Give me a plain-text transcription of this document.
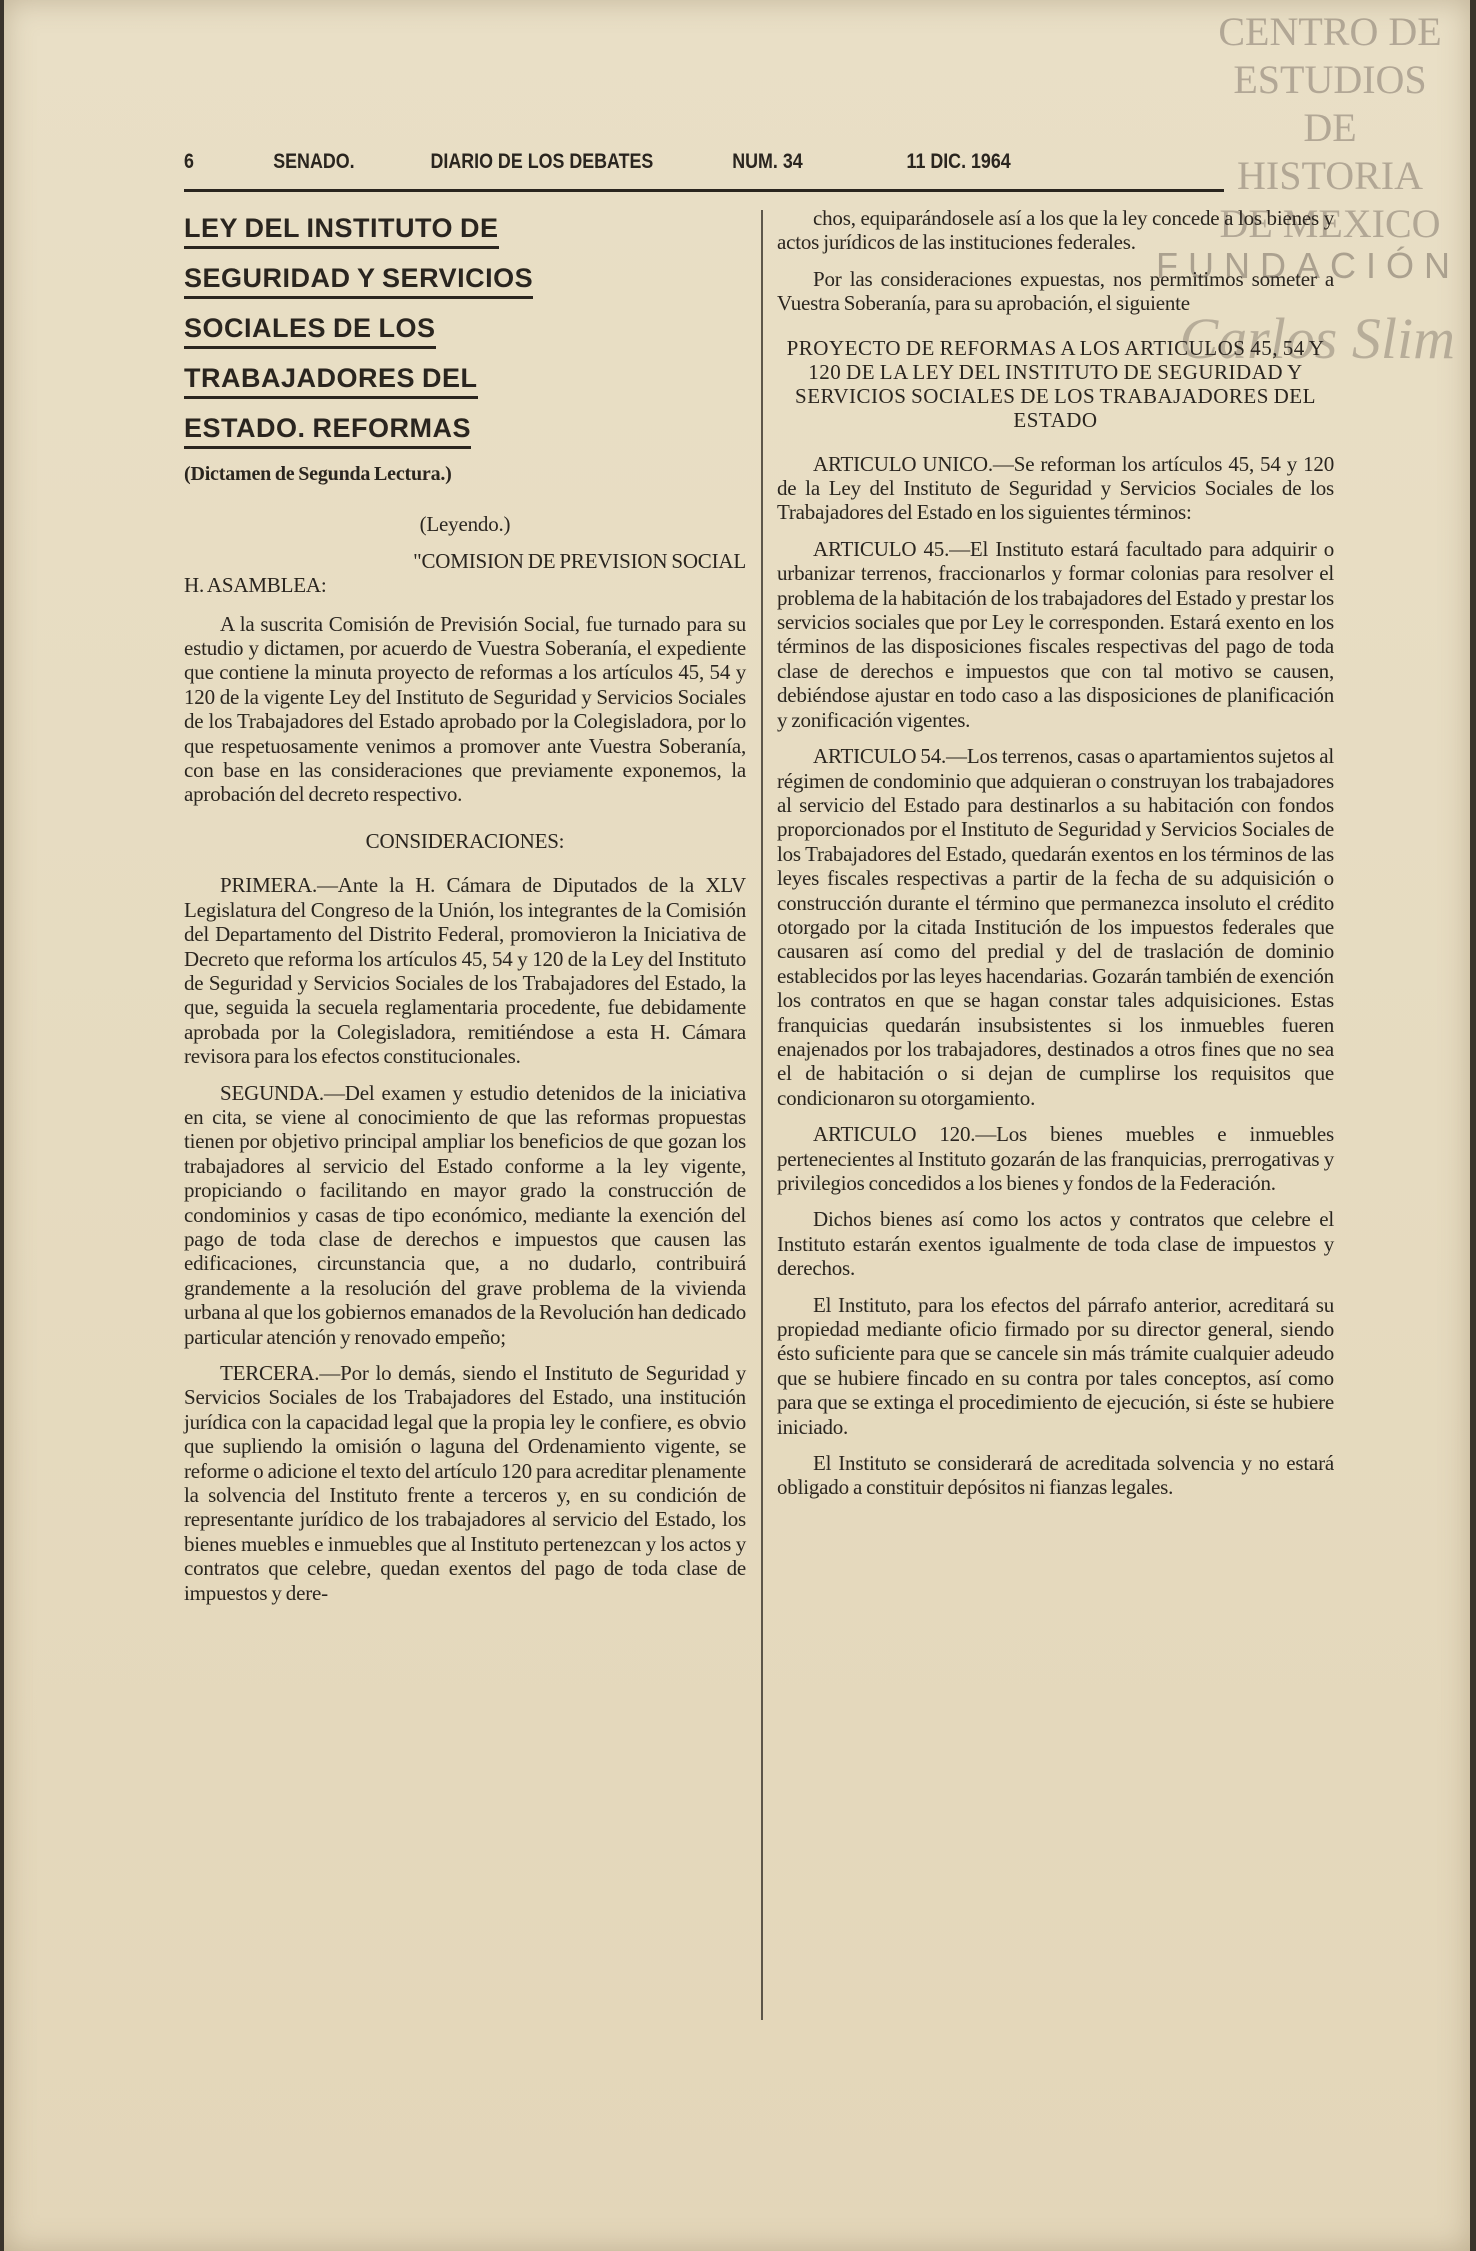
CENTRO DE
ESTUDIOS
DE HISTORIA
DE MEXICO
FUNDACIÓN
Carlos Slim
6	SENADO.	DIARIO DE LOS DEBATES	NUM. 34	11 DIC. 1964
LEY DEL INSTITUTO DE
SEGURIDAD Y SERVICIOS
SOCIALES DE LOS
TRABAJADORES DEL
ESTADO. REFORMAS
(Dictamen de Segunda Lectura.)

(Leyendo.)

"COMISION DE PREVISION SOCIAL

H. ASAMBLEA:

A la suscrita Comisión de Previsión Social, fue turnado para su estudio y dictamen, por acuerdo de Vuestra Soberanía, el expediente que contiene la minuta proyecto de reformas a los artículos 45, 54 y 120 de la vigente Ley del Instituto de Seguridad y Servicios Sociales de los Trabajadores del Estado aprobado por la Colegisladora, por lo que respetuosamente venimos a promover ante Vuestra Soberanía, con base en las consideraciones que previamente exponemos, la aprobación del decreto respectivo.

CONSIDERACIONES:

PRIMERA.—Ante la H. Cámara de Diputados de la XLV Legislatura del Congreso de la Unión, los integrantes de la Comisión del Departamento del Distrito Federal, promovieron la Iniciativa de Decreto que reforma los artículos 45, 54 y 120 de la Ley del Instituto de Seguridad y Servicios Sociales de los Trabajadores del Estado, la que, seguida la secuela reglamentaria procedente, fue debidamente aprobada por la Colegisladora, remitiéndose a esta H. Cámara revisora para los efectos constitucionales.

SEGUNDA.—Del examen y estudio detenidos de la iniciativa en cita, se viene al conocimiento de que las reformas propuestas tienen por objetivo principal ampliar los beneficios de que gozan los trabajadores al servicio del Estado conforme a la ley vigente, propiciando o facilitando en mayor grado la construcción de condominios y casas de tipo económico, mediante la exención del pago de toda clase de derechos e impuestos que causen las edificaciones, circunstancia que, a no dudarlo, contribuirá grandemente a la resolución del grave problema de la vivienda urbana al que los gobiernos emanados de la Revolución han dedicado particular atención y renovado empeño;

TERCERA.—Por lo demás, siendo el Instituto de Seguridad y Servicios Sociales de los Trabajadores del Estado, una institución jurídica con la capacidad legal que la propia ley le confiere, es obvio que supliendo la omisión o laguna del Ordenamiento vigente, se reforme o adicione el texto del artículo 120 para acreditar plenamente la solvencia del Instituto frente a terceros y, en su condición de representante jurídico de los trabajadores al servicio del Estado, los bienes muebles e inmuebles que al Instituto pertenezcan y los actos y contratos que celebre, quedan exentos del pago de toda clase de impuestos y dere-

chos, equiparándosele así a los que la ley concede a los bienes y actos jurídicos de las instituciones federales.

Por las consideraciones expuestas, nos permitimos someter a Vuestra Soberanía, para su aprobación, el siguiente

PROYECTO DE REFORMAS A LOS ARTICULOS 45, 54 Y 120 DE LA LEY DEL INSTITUTO DE SEGURIDAD Y SERVICIOS SOCIALES DE LOS TRABAJADORES DEL ESTADO

ARTICULO UNICO.—Se reforman los artículos 45, 54 y 120 de la Ley del Instituto de Seguridad y Servicios Sociales de los Trabajadores del Estado en los siguientes términos:

ARTICULO 45.—El Instituto estará facultado para adquirir o urbanizar terrenos, fraccionarlos y formar colonias para resolver el problema de la habitación de los trabajadores del Estado y prestar los servicios sociales que por Ley le corresponden. Estará exento en los términos de las disposiciones fiscales respectivas del pago de toda clase de derechos e impuestos que con tal motivo se causen, debiéndose ajustar en todo caso a las disposiciones de planificación y zonificación vigentes.

ARTICULO 54.—Los terrenos, casas o apartamientos sujetos al régimen de condominio que adquieran o construyan los trabajadores al servicio del Estado para destinarlos a su habitación con fondos proporcionados por el Instituto de Seguridad y Servicios Sociales de los Trabajadores del Estado, quedarán exentos en los términos de las leyes fiscales respectivas a partir de la fecha de su adquisición o construcción durante el término que permanezca insoluto el crédito otorgado por la citada Institución de los impuestos federales que causaren así como del predial y del de traslación de dominio establecidos por las leyes hacendarias. Gozarán también de exención los contratos en que se hagan constar tales adquisiciones. Estas franquicias quedarán insubsistentes si los inmuebles fueren enajenados por los trabajadores, destinados a otros fines que no sea el de habitación o si dejan de cumplirse los requisitos que condicionaron su otorgamiento.

ARTICULO 120.—Los bienes muebles e inmuebles pertenecientes al Instituto gozarán de las franquicias, prerrogativas y privilegios concedidos a los bienes y fondos de la Federación.

Dichos bienes así como los actos y contratos que celebre el Instituto estarán exentos igualmente de toda clase de impuestos y derechos.

El Instituto, para los efectos del párrafo anterior, acreditará su propiedad mediante oficio firmado por su director general, siendo ésto suficiente para que se cancele sin más trámite cualquier adeudo que se hubiere fincado en su contra por tales conceptos, así como para que se extinga el procedimiento de ejecución, si éste se hubiere iniciado.

El Instituto se considerará de acreditada solvencia y no estará obligado a constituir depósitos ni fianzas legales.
